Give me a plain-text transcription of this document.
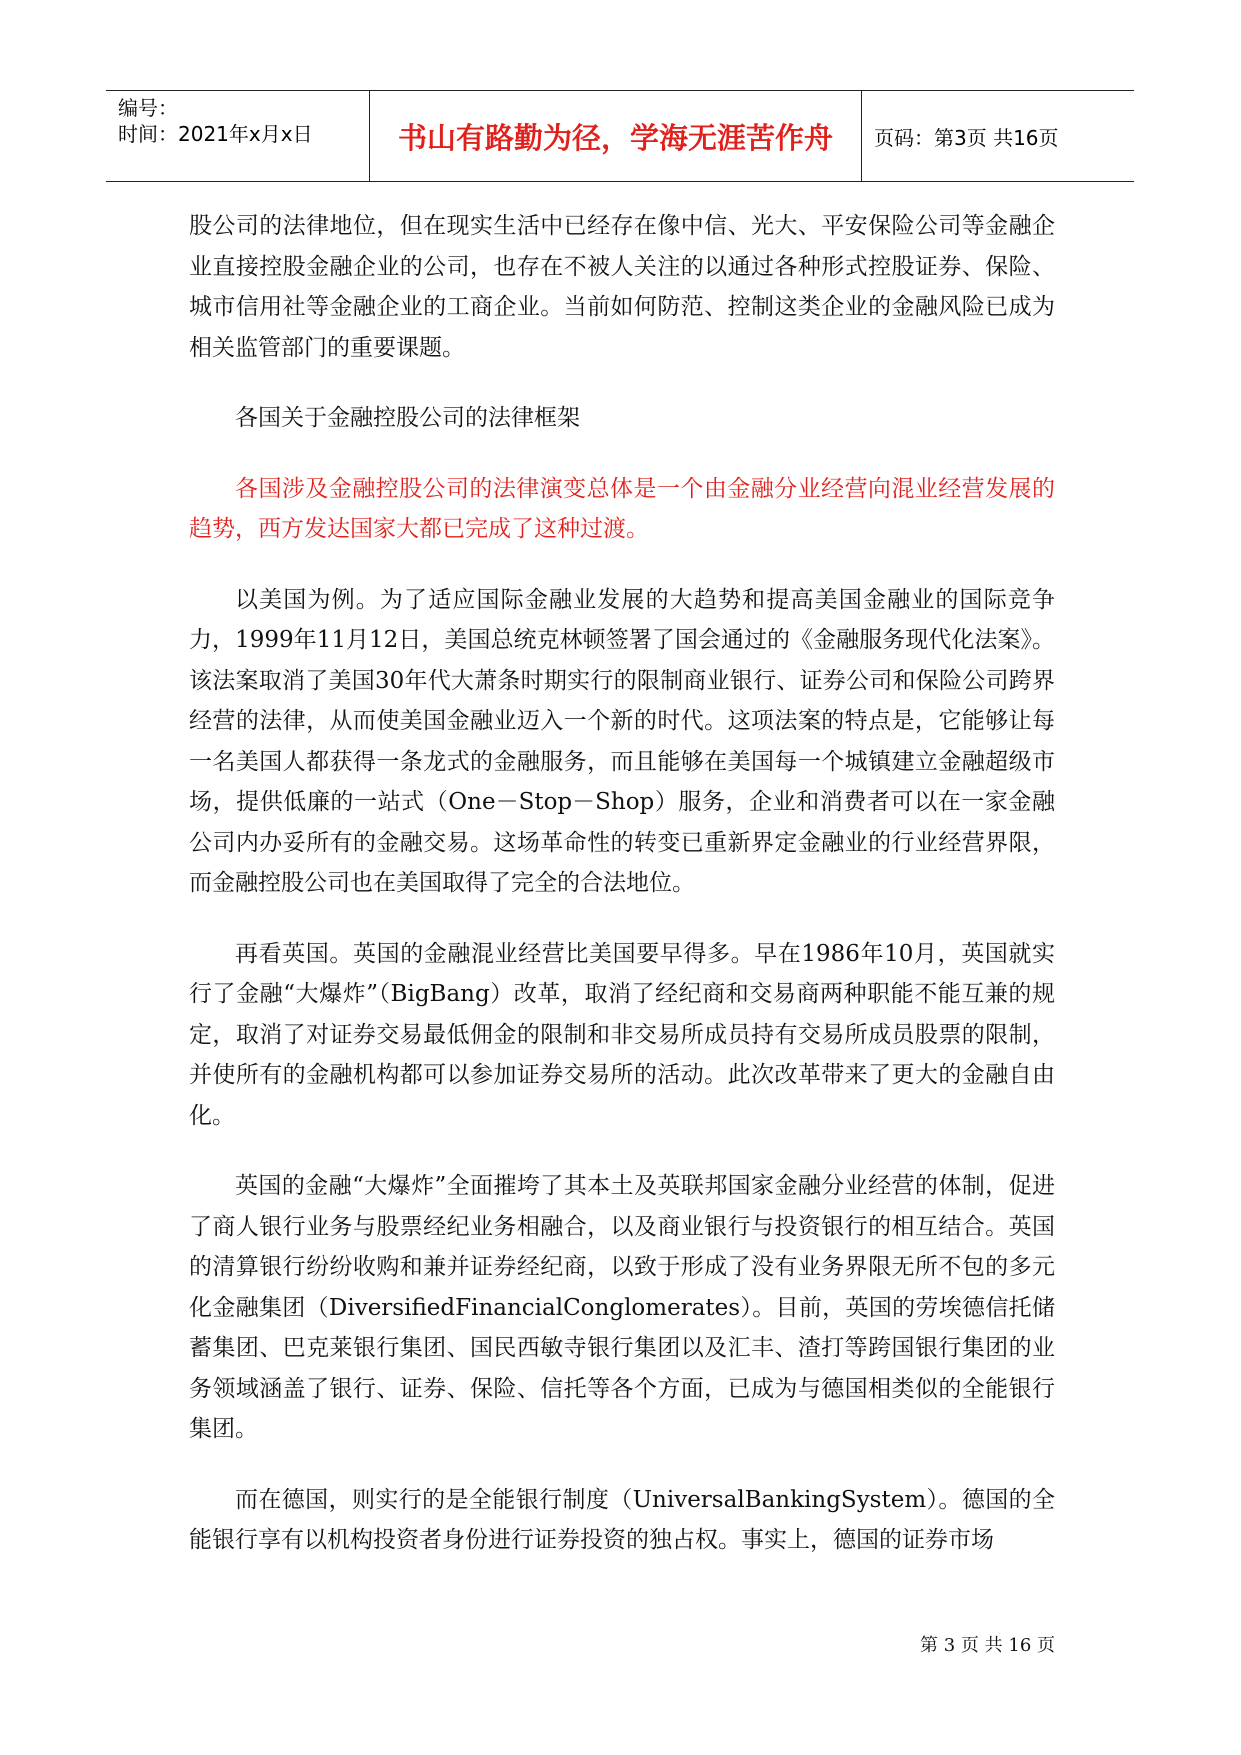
编号：
时间：2021年x月x日	书山有路勤为径，学海无涯苦作舟	页码：第3页 共16页

股公司的法律地位，但在现实生活中已经存在像中信、光大、平安保险公司等金融企业直接控股金融企业的公司，也存在不被人关注的以通过各种形式控股证券、保险、城市信用社等金融企业的工商企业。当前如何防范、控制这类企业的金融风险已成为相关监管部门的重要课题。

各国关于金融控股公司的法律框架

各国涉及金融控股公司的法律演变总体是一个由金融分业经营向混业经营发展的趋势，西方发达国家大都已完成了这种过渡。

以美国为例。为了适应国际金融业发展的大趋势和提高美国金融业的国际竞争力，1999年11月12日，美国总统克林顿签署了国会通过的《金融服务现代化法案》。该法案取消了美国30年代大萧条时期实行的限制商业银行、证券公司和保险公司跨界经营的法律，从而使美国金融业迈入一个新的时代。这项法案的特点是，它能够让每一名美国人都获得一条龙式的金融服务，而且能够在美国每一个城镇建立金融超级市场，提供低廉的一站式（One－Stop－Shop）服务，企业和消费者可以在一家金融公司内办妥所有的金融交易。这场革命性的转变已重新界定金融业的行业经营界限，而金融控股公司也在美国取得了完全的合法地位。

再看英国。英国的金融混业经营比美国要早得多。早在1986年10月，英国就实行了金融“大爆炸”（BigBang）改革，取消了经纪商和交易商两种职能不能互兼的规定，取消了对证券交易最低佣金的限制和非交易所成员持有交易所成员股票的限制，并使所有的金融机构都可以参加证券交易所的活动。此次改革带来了更大的金融自由化。

英国的金融“大爆炸”全面摧垮了其本土及英联邦国家金融分业经营的体制，促进了商人银行业务与股票经纪业务相融合，以及商业银行与投资银行的相互结合。英国的清算银行纷纷收购和兼并证券经纪商，以致于形成了没有业务界限无所不包的多元化金融集团（DiversifiedFinancialConglomerates）。目前，英国的劳埃德信托储蓄集团、巴克莱银行集团、国民西敏寺银行集团以及汇丰、渣打等跨国银行集团的业务领域涵盖了银行、证券、保险、信托等各个方面，已成为与德国相类似的全能银行集团。

而在德国，则实行的是全能银行制度（UniversalBankingSystem）。德国的全能银行享有以机构投资者身份进行证券投资的独占权。事实上，德国的证券市场

第 3 页 共 16 页
